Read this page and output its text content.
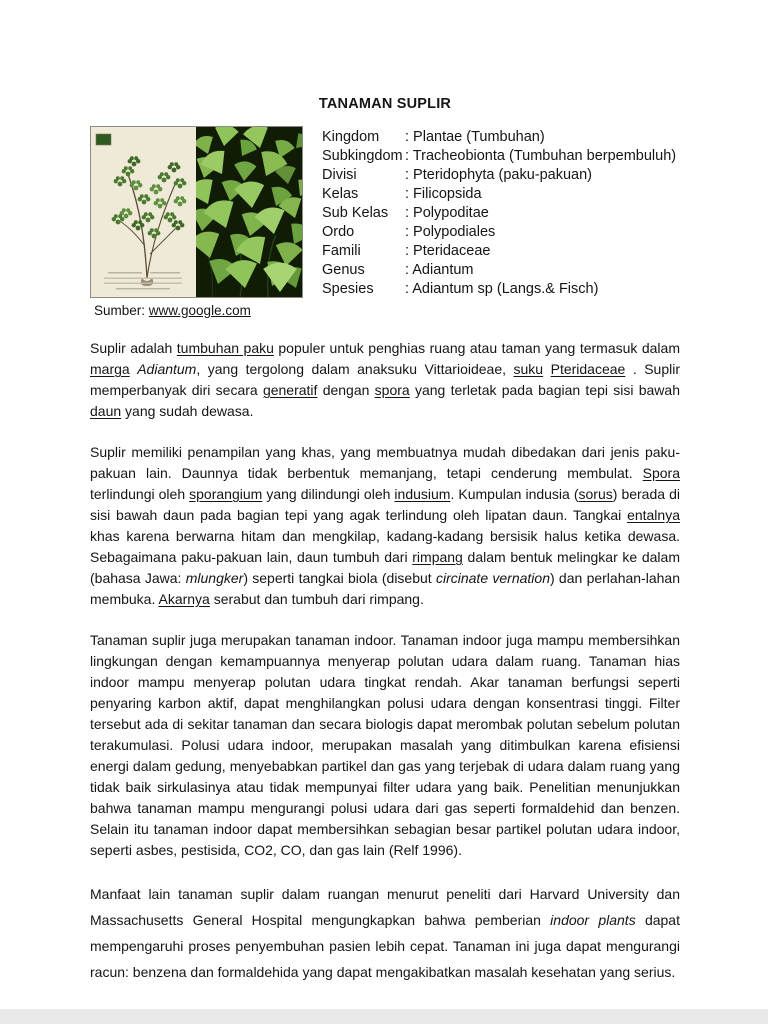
TANAMAN SUPLIR
Sumber: www.google.com
Kingdom	: Plantae (Tumbuhan)
Subkingdom : Tracheobionta (Tumbuhan berpembuluh)
Divisi	: Pteridophyta (paku-pakuan)
Kelas	: Filicopsida
Sub Kelas	: Polypoditae
Ordo	: Polypodiales
Famili	: Pteridaceae
Genus	: Adiantum
Spesies	: Adiantum sp (Langs.& Fisch)

Suplir adalah tumbuhan paku populer untuk penghias ruang atau taman yang termasuk dalam marga Adiantum, yang tergolong dalam anaksuku Vittarioideae, suku Pteridaceae . Suplir memperbanyak diri secara generatif dengan spora yang terletak pada bagian tepi sisi bawah daun yang sudah dewasa.

Suplir memiliki penampilan yang khas, yang membuatnya mudah dibedakan dari jenis paku-pakuan lain. Daunnya tidak berbentuk memanjang, tetapi cenderung membulat. Spora terlindungi oleh sporangium yang dilindungi oleh indusium. Kumpulan indusia (sorus) berada di sisi bawah daun pada bagian tepi yang agak terlindung oleh lipatan daun. Tangkai entalnya khas karena berwarna hitam dan mengkilap, kadang-kadang bersisik halus ketika dewasa. Sebagaimana paku-pakuan lain, daun tumbuh dari rimpang dalam bentuk melingkar ke dalam (bahasa Jawa: mlungker) seperti tangkai biola (disebut circinate vernation) dan perlahan-lahan membuka. Akarnya serabut dan tumbuh dari rimpang.

Tanaman suplir juga merupakan tanaman indoor. Tanaman indoor juga mampu membersihkan lingkungan dengan kemampuannya menyerap polutan udara dalam ruang. Tanaman hias indoor mampu menyerap polutan udara tingkat rendah. Akar tanaman berfungsi seperti penyaring karbon aktif, dapat menghilangkan polusi udara dengan konsentrasi tinggi. Filter tersebut ada di sekitar tanaman dan secara biologis dapat merombak polutan sebelum polutan terakumulasi. Polusi udara indoor, merupakan masalah yang ditimbulkan karena efisiensi energi dalam gedung, menyebabkan partikel dan gas yang terjebak di udara dalam ruang yang tidak baik sirkulasinya atau tidak mempunyai filter udara yang baik. Penelitian menunjukkan bahwa tanaman mampu mengurangi polusi udara dari gas seperti formaldehid dan benzen. Selain itu tanaman indoor dapat membersihkan sebagian besar partikel polutan udara indoor, seperti asbes, pestisida, CO2, CO, dan gas lain (Relf 1996).

Manfaat lain tanaman suplir dalam ruangan menurut peneliti dari Harvard University dan Massachusetts General Hospital mengungkapkan bahwa pemberian indoor plants dapat mempengaruhi proses penyembuhan pasien lebih cepat. Tanaman ini juga dapat mengurangi racun: benzena dan formaldehida yang dapat mengakibatkan masalah kesehatan yang serius.
